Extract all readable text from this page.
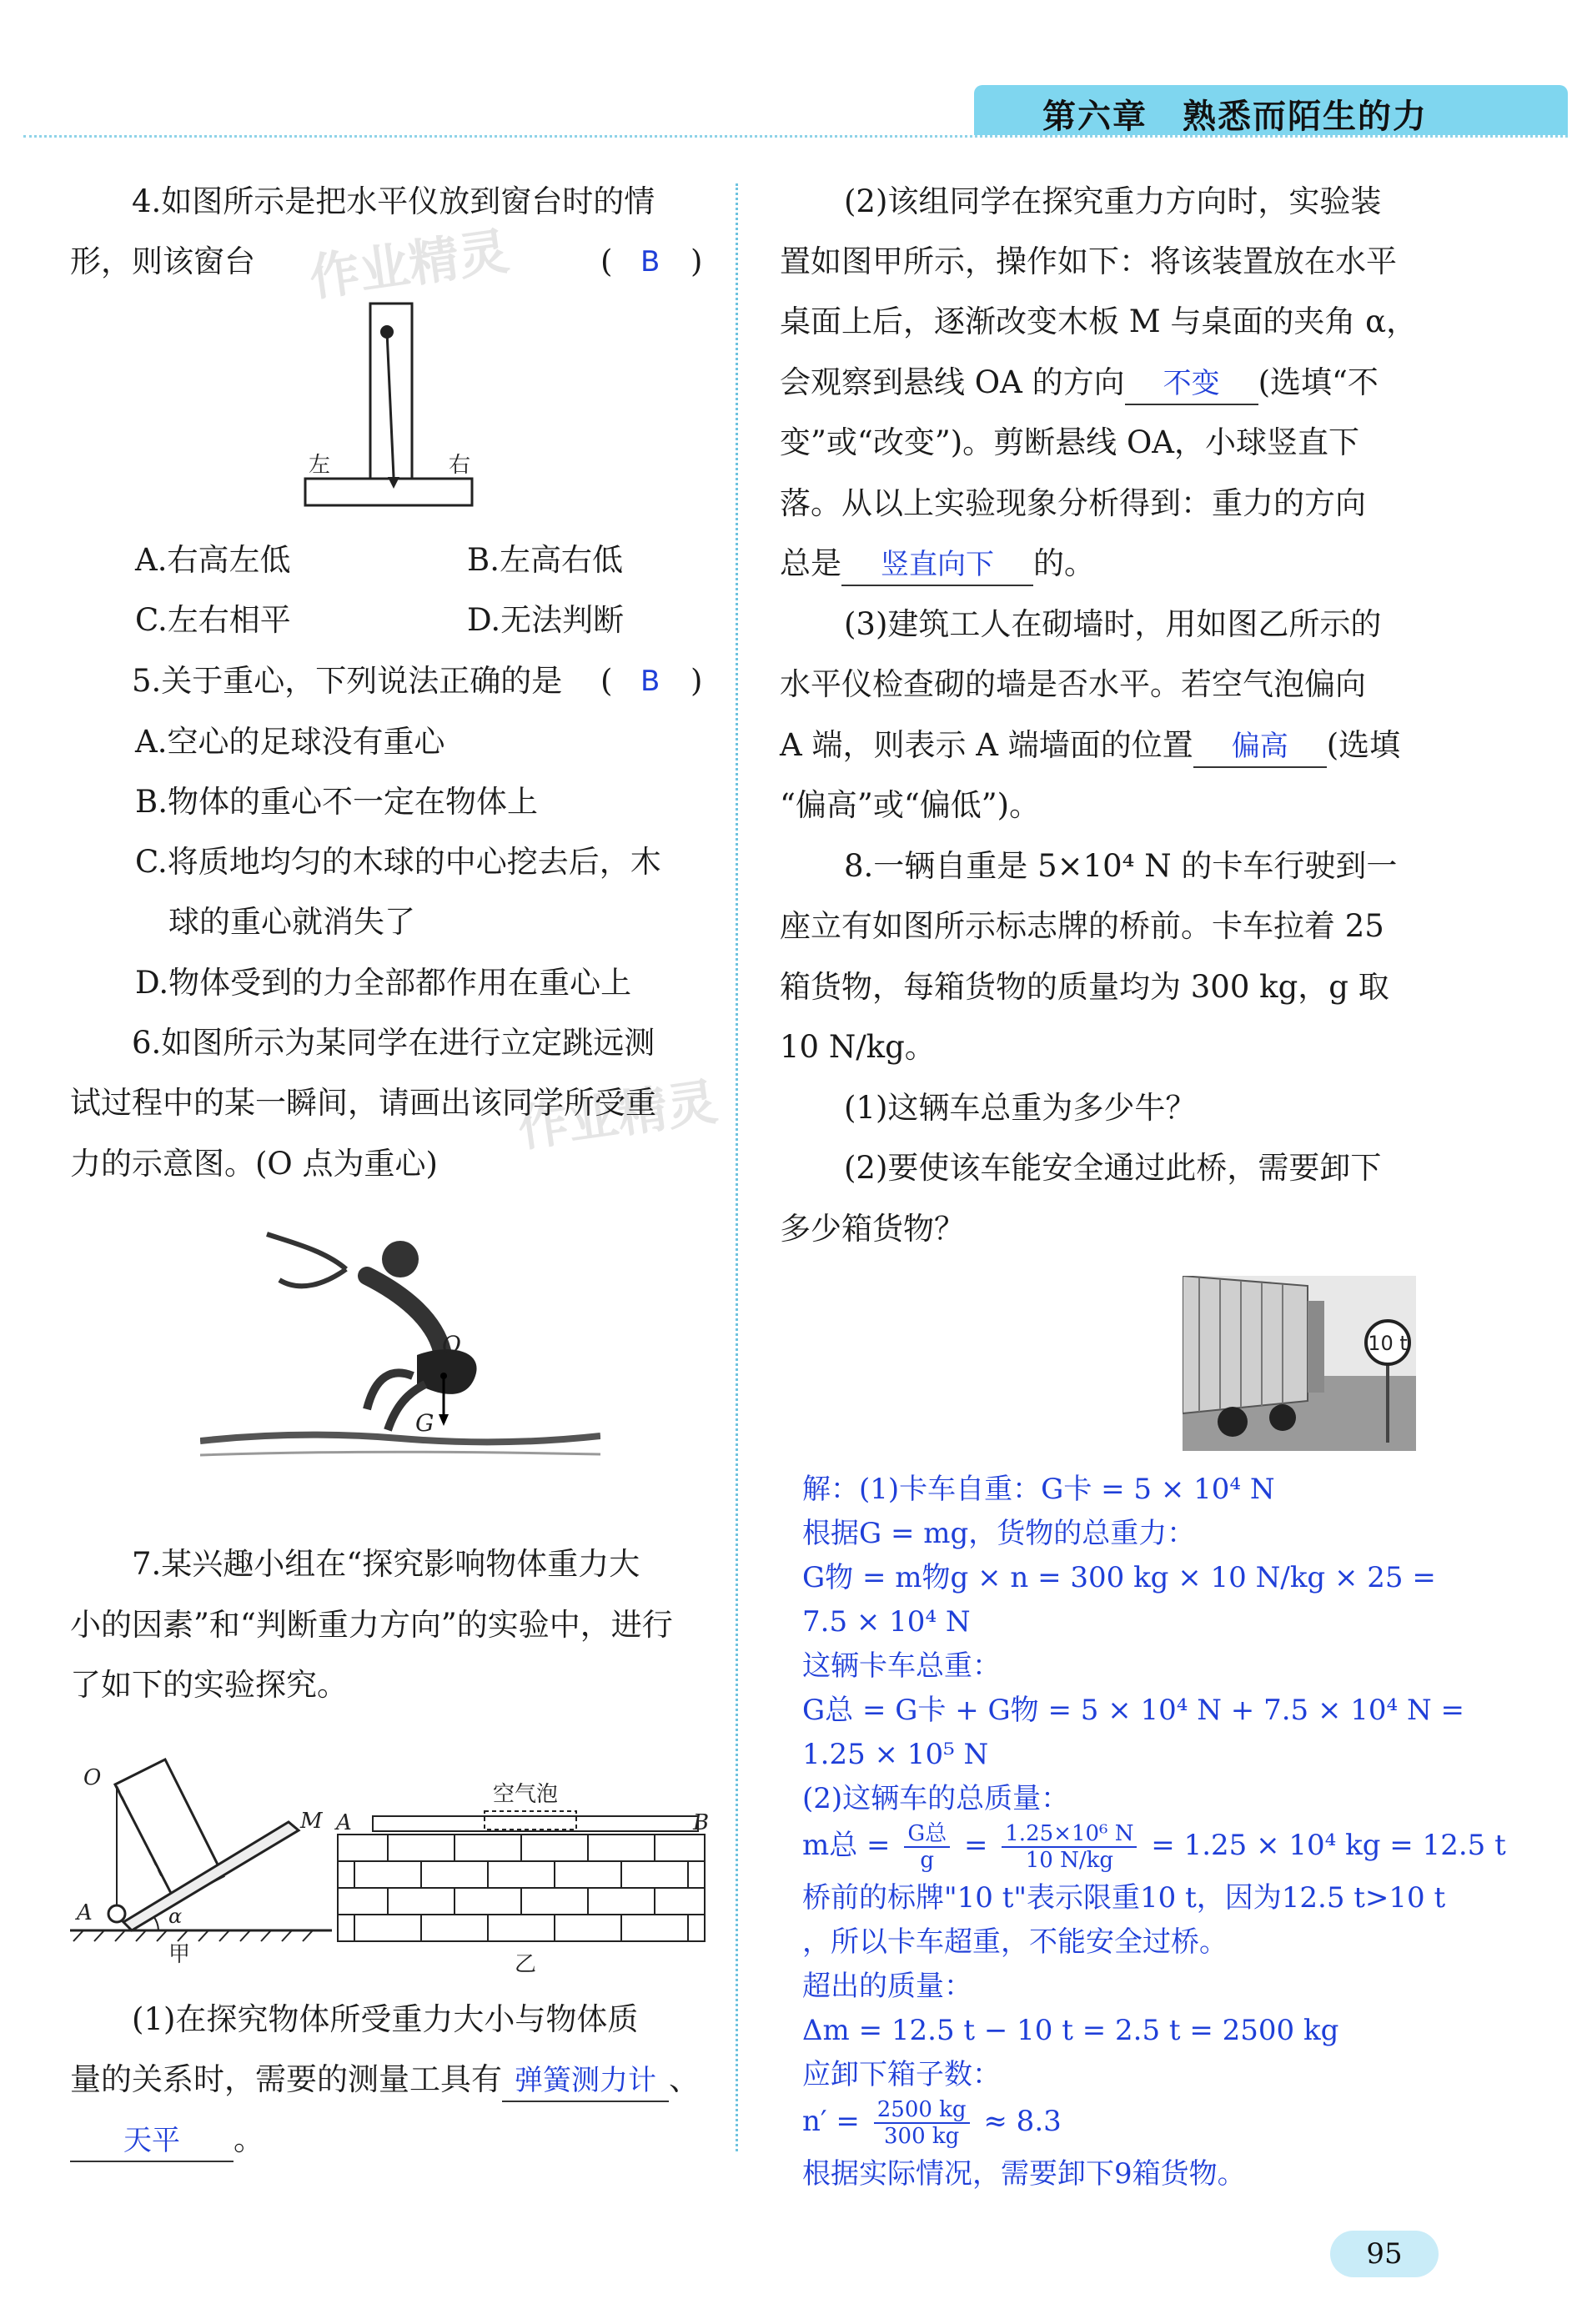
第六章　熟悉而陌生的力
作业精灵
作业精灵
4.如图所示是把水平仪放到窗台时的情
形，则该窗台	( B )
左	右
A.右高左低	B.左高右低
C.左右相平	D.无法判断
5.关于重心，下列说法正确的是 ( B )
A.空心的足球没有重心
B.物体的重心不一定在物体上
C.将质地均匀的木球的中心挖去后，木
球的重心就消失了
D.物体受到的力全部都作用在重心上
6.如图所示为某同学在进行立定跳远测
试过程中的某一瞬间，请画出该同学所受重
力的示意图。(O 点为重心)
O
G
7.某兴趣小组在“探究影响物体重力大
小的因素”和“判断重力方向”的实验中，进行
了如下的实验探究。
O
M
A	α
甲
空气泡
A	B
乙
(1)在探究物体所受重力大小与物体质
量的关系时，需要的测量工具有 弹簧测力计 、
天平 。
(2)该组同学在探究重力方向时，实验装
置如图甲所示，操作如下：将该装置放在水平
桌面上后，逐渐改变木板 M 与桌面的夹角 α，
会观察到悬线 OA 的方向 不变 (选填“不
变”或“改变”)。剪断悬线 OA，小球竖直下
落。从以上实验现象分析得到：重力的方向
总是 竖直向下 的。
(3)建筑工人在砌墙时，用如图乙所示的
水平仪检查砌的墙是否水平。若空气泡偏向
A 端，则表示 A 端墙面的位置 偏高 (选填
“偏高”或“偏低”)。
8.一辆自重是 5×10⁴ N 的卡车行驶到一
座立有如图所示标志牌的桥前。卡车拉着 25
箱货物，每箱货物的质量均为 300 kg，g 取
10 N/kg。
(1)这辆车总重为多少牛？
(2)要使该车能安全通过此桥，需要卸下
多少箱货物？
10 t
解：(1)卡车自重：G卡 = 5 × 10⁴ N
根据G = mg，货物的总重力：
G物 = m物g × n = 300 kg × 10 N/kg × 25 =
7.5 × 10⁴ N
这辆卡车总重：
G总 = G卡 + G物 = 5 × 10⁴ N + 7.5 × 10⁴ N =
1.25 × 10⁵ N
(2)这辆车的总质量：
m总 = $\frac{\text{G总}}{g} = \frac{\text{1.25×10⁶ N}}{10 N/kg} = 1.25 \times 10^4$ kg = 12.5 t
桥前的标牌"10 t"表示限重10 t，因为12.5 t>10 t
，所以卡车超重，不能安全过桥。
超出的质量：
Δm = 12.5 t − 10 t = 2.5 t = 2500 kg
应卸下箱子数：
$n' = \frac{2500 kg}{300 kg} \approx 8.3$
根据实际情况，需要卸下9箱货物。
95
